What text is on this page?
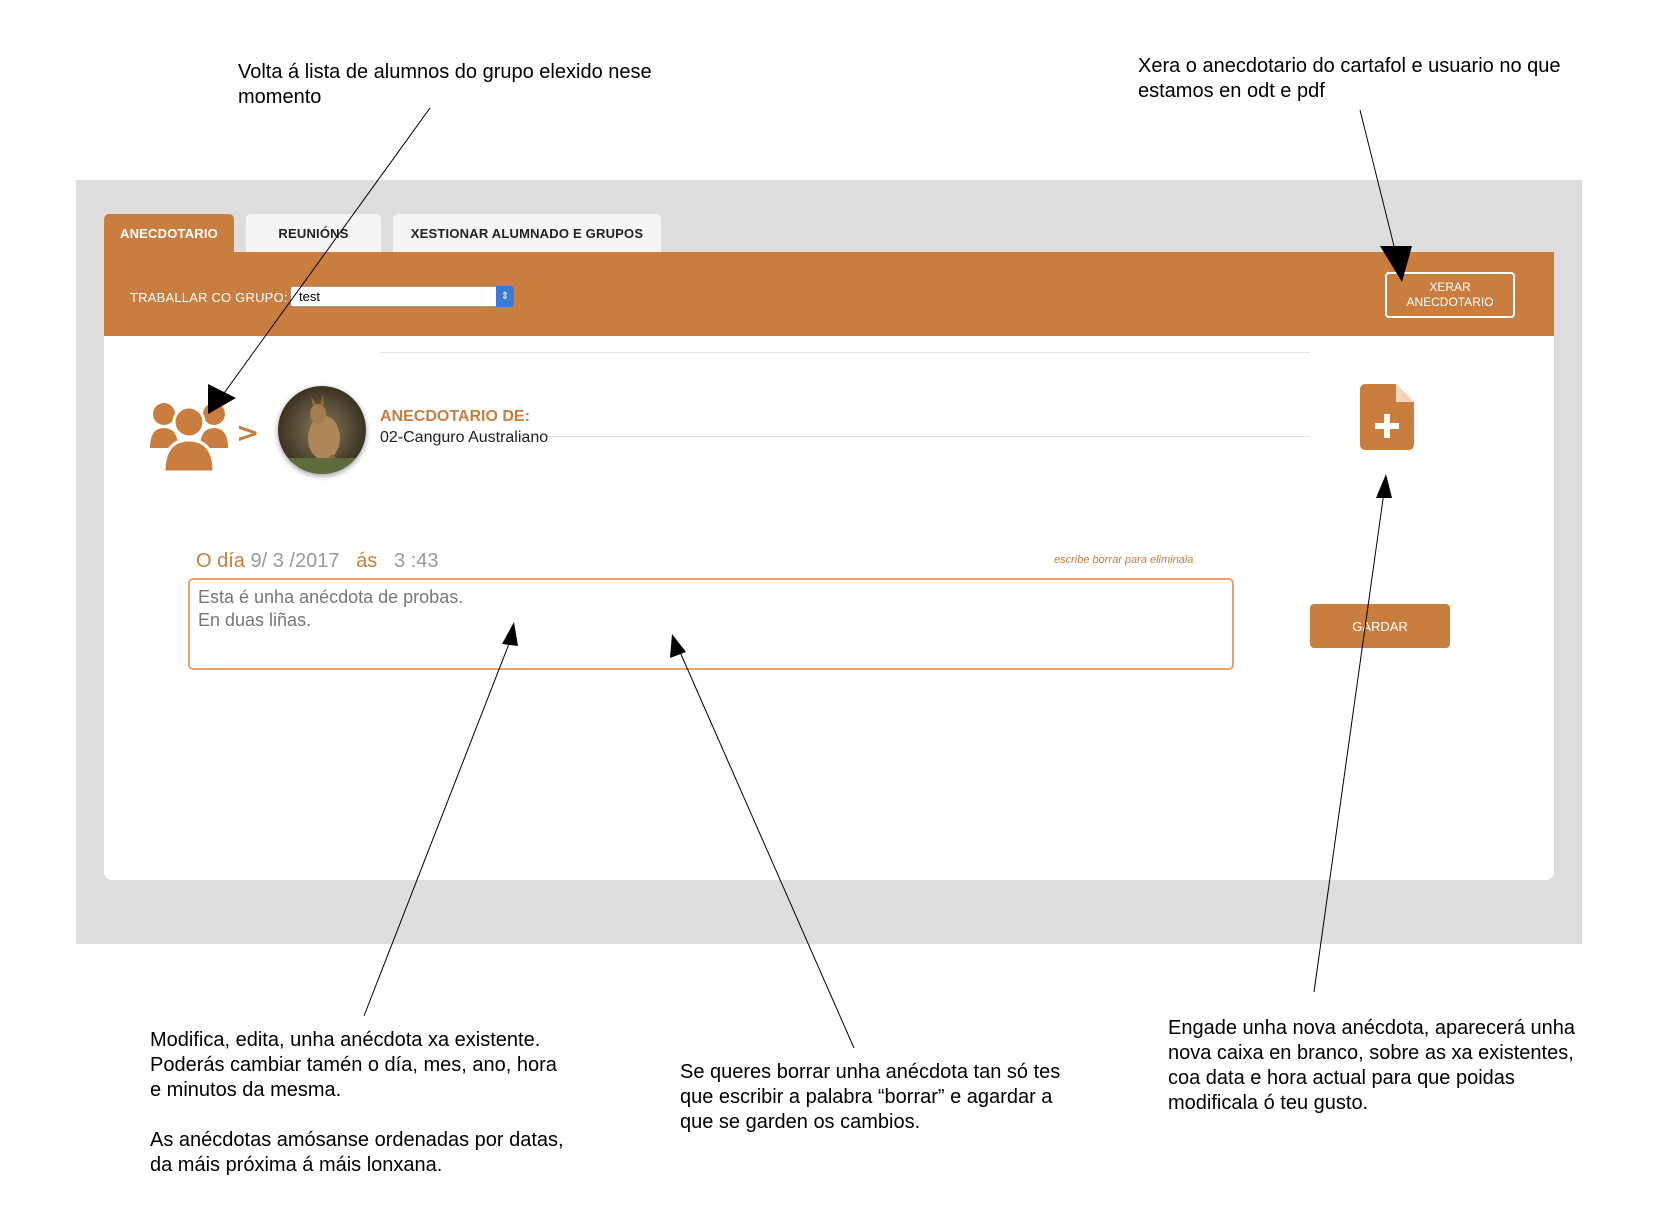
Volta á lista de alumnos do grupo elexido nese momento

Xera o anecdotario do cartafol e usuario no que estamos en odt e pdf

Modifica, edita, unha anécdota xa existente. Poderás cambiar tamén o día, mes, ano, hora e minutos da mesma.

As anécdotas amósanse ordenadas por datas, da máis próxima á máis lonxana.

Se queres borrar unha anécdota tan só tes que escribir a palabra “borrar” e agardar a que se garden os cambios.

Engade unha nova anécdota, aparecerá unha nova caixa en branco, sobre as xa existentes, coa data e hora actual para que poidas modificala ó teu gusto.

ANECDOTARIO	REUNIÓNS	XESTIONAR ALUMNADO E GRUPOS
TRABALLAR CO GRUPO: test	⇕
XERAR
ANECDOTARIO
>	ANECDOTARIO DE:
02-Canguro Australiano
O día
9 / 3 / 2017
ás
3 : 43	escribe borrar para eliminala
Esta é unha anécdota de probas.
En duas liñas.	GARDAR
